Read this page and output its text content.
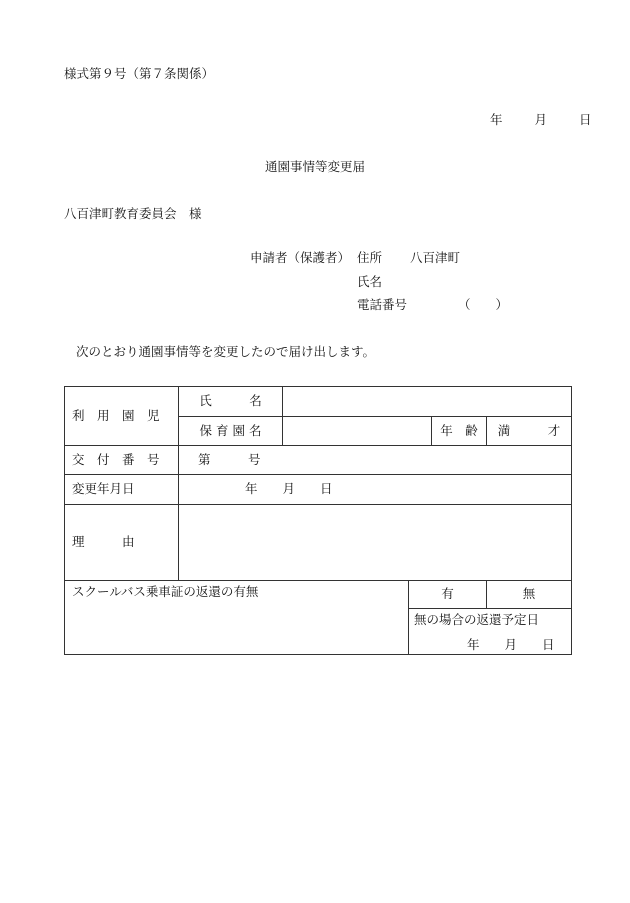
様式第９号（第７条関係）
年	月	日
通園事情等変更届
八百津町教育委員会　様
申請者（保護者） 住所 八百津町
氏名
電話番号	（　　）
次のとおり通園事情等を変更したので届け出します。
利　用　園　児	氏　　　名				
	保 育 園 名			年　齢	満　　　才
交　付　番　号	第　　　号				
変更年月日	年　　月　　日				
理　　　由					
スクールバス乗車証の返還の有無			有		無

			無の場合の返還予定日
年　　月　　日		
